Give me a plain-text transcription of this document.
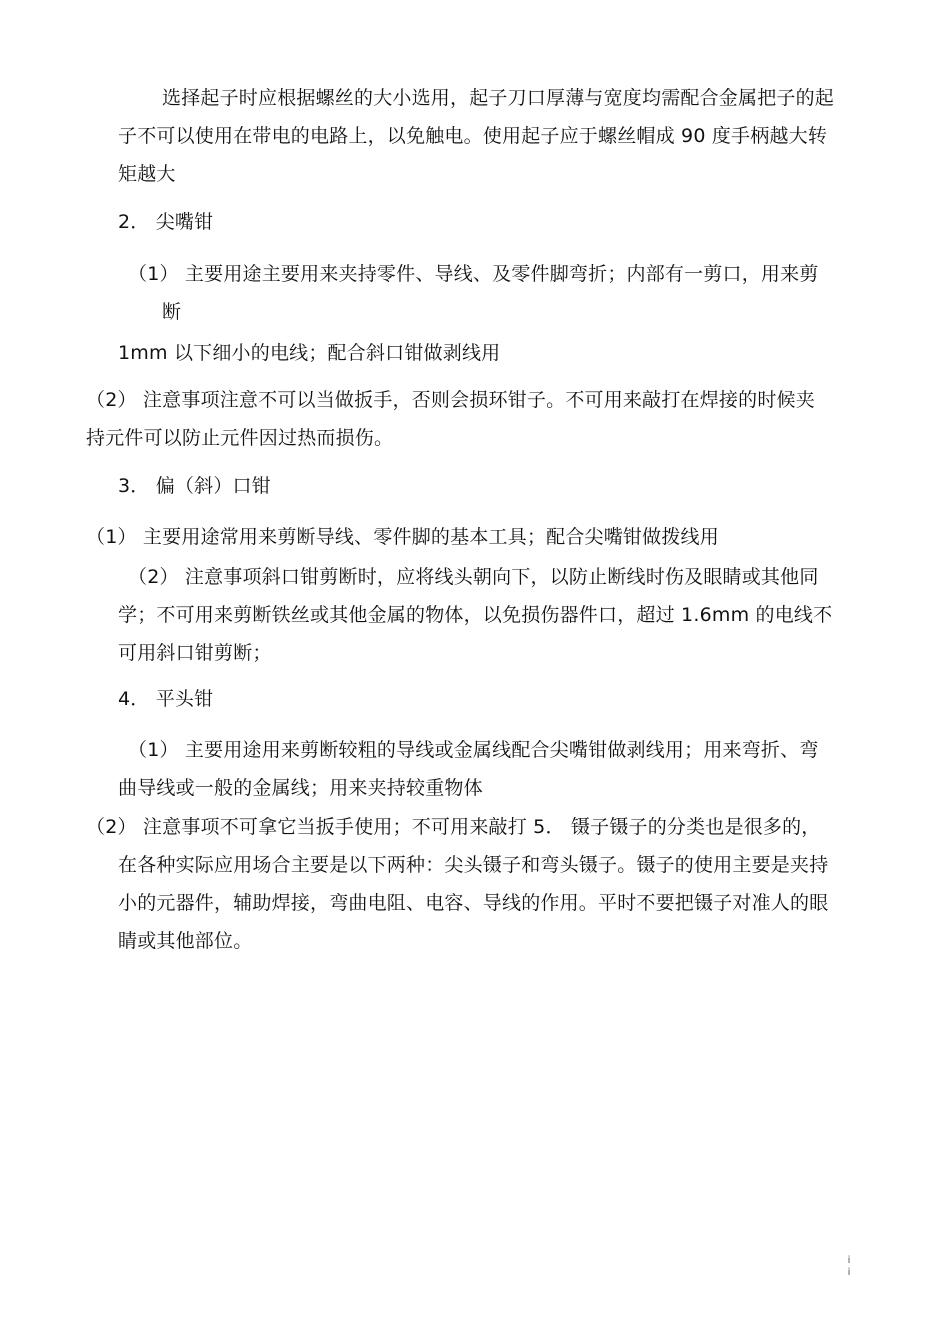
选择起子时应根据螺丝的大小选用，起子刀口厚薄与宽度均需配合金属把子的起
子不可以使用在带电的电路上，以免触电。使用起子应于螺丝帽成 90 度手柄越大转
矩越大
2． 尖嘴钳
（1） 主要用途主要用来夹持零件、导线、及零件脚弯折；内部有一剪口，用来剪
断
1mm 以下细小的电线；配合斜口钳做剥线用
（2） 注意事项注意不可以当做扳手，否则会损环钳子。不可用来敲打在焊接的时候夹
持元件可以防止元件因过热而损伤。
3． 偏（斜）口钳
（1） 主要用途常用来剪断导线、零件脚的基本工具；配合尖嘴钳做拨线用
（2） 注意事项斜口钳剪断时，应将线头朝向下，以防止断线时伤及眼睛或其他同
学；不可用来剪断铁丝或其他金属的物体，以免损伤器件口，超过 1.6mm 的电线不
可用斜口钳剪断；
4． 平头钳
（1） 主要用途用来剪断较粗的导线或金属线配合尖嘴钳做剥线用；用来弯折、弯
曲导线或一般的金属线；用来夹持较重物体
（2） 注意事项不可拿它当扳手使用；不可用来敲打 5． 镊子镊子的分类也是很多的，
在各种实际应用场合主要是以下两种：尖头镊子和弯头镊子。镊子的使用主要是夹持
小的元器件，辅助焊接，弯曲电阻、电容、导线的作用。平时不要把镊子对准人的眼
睛或其他部位。
i i
